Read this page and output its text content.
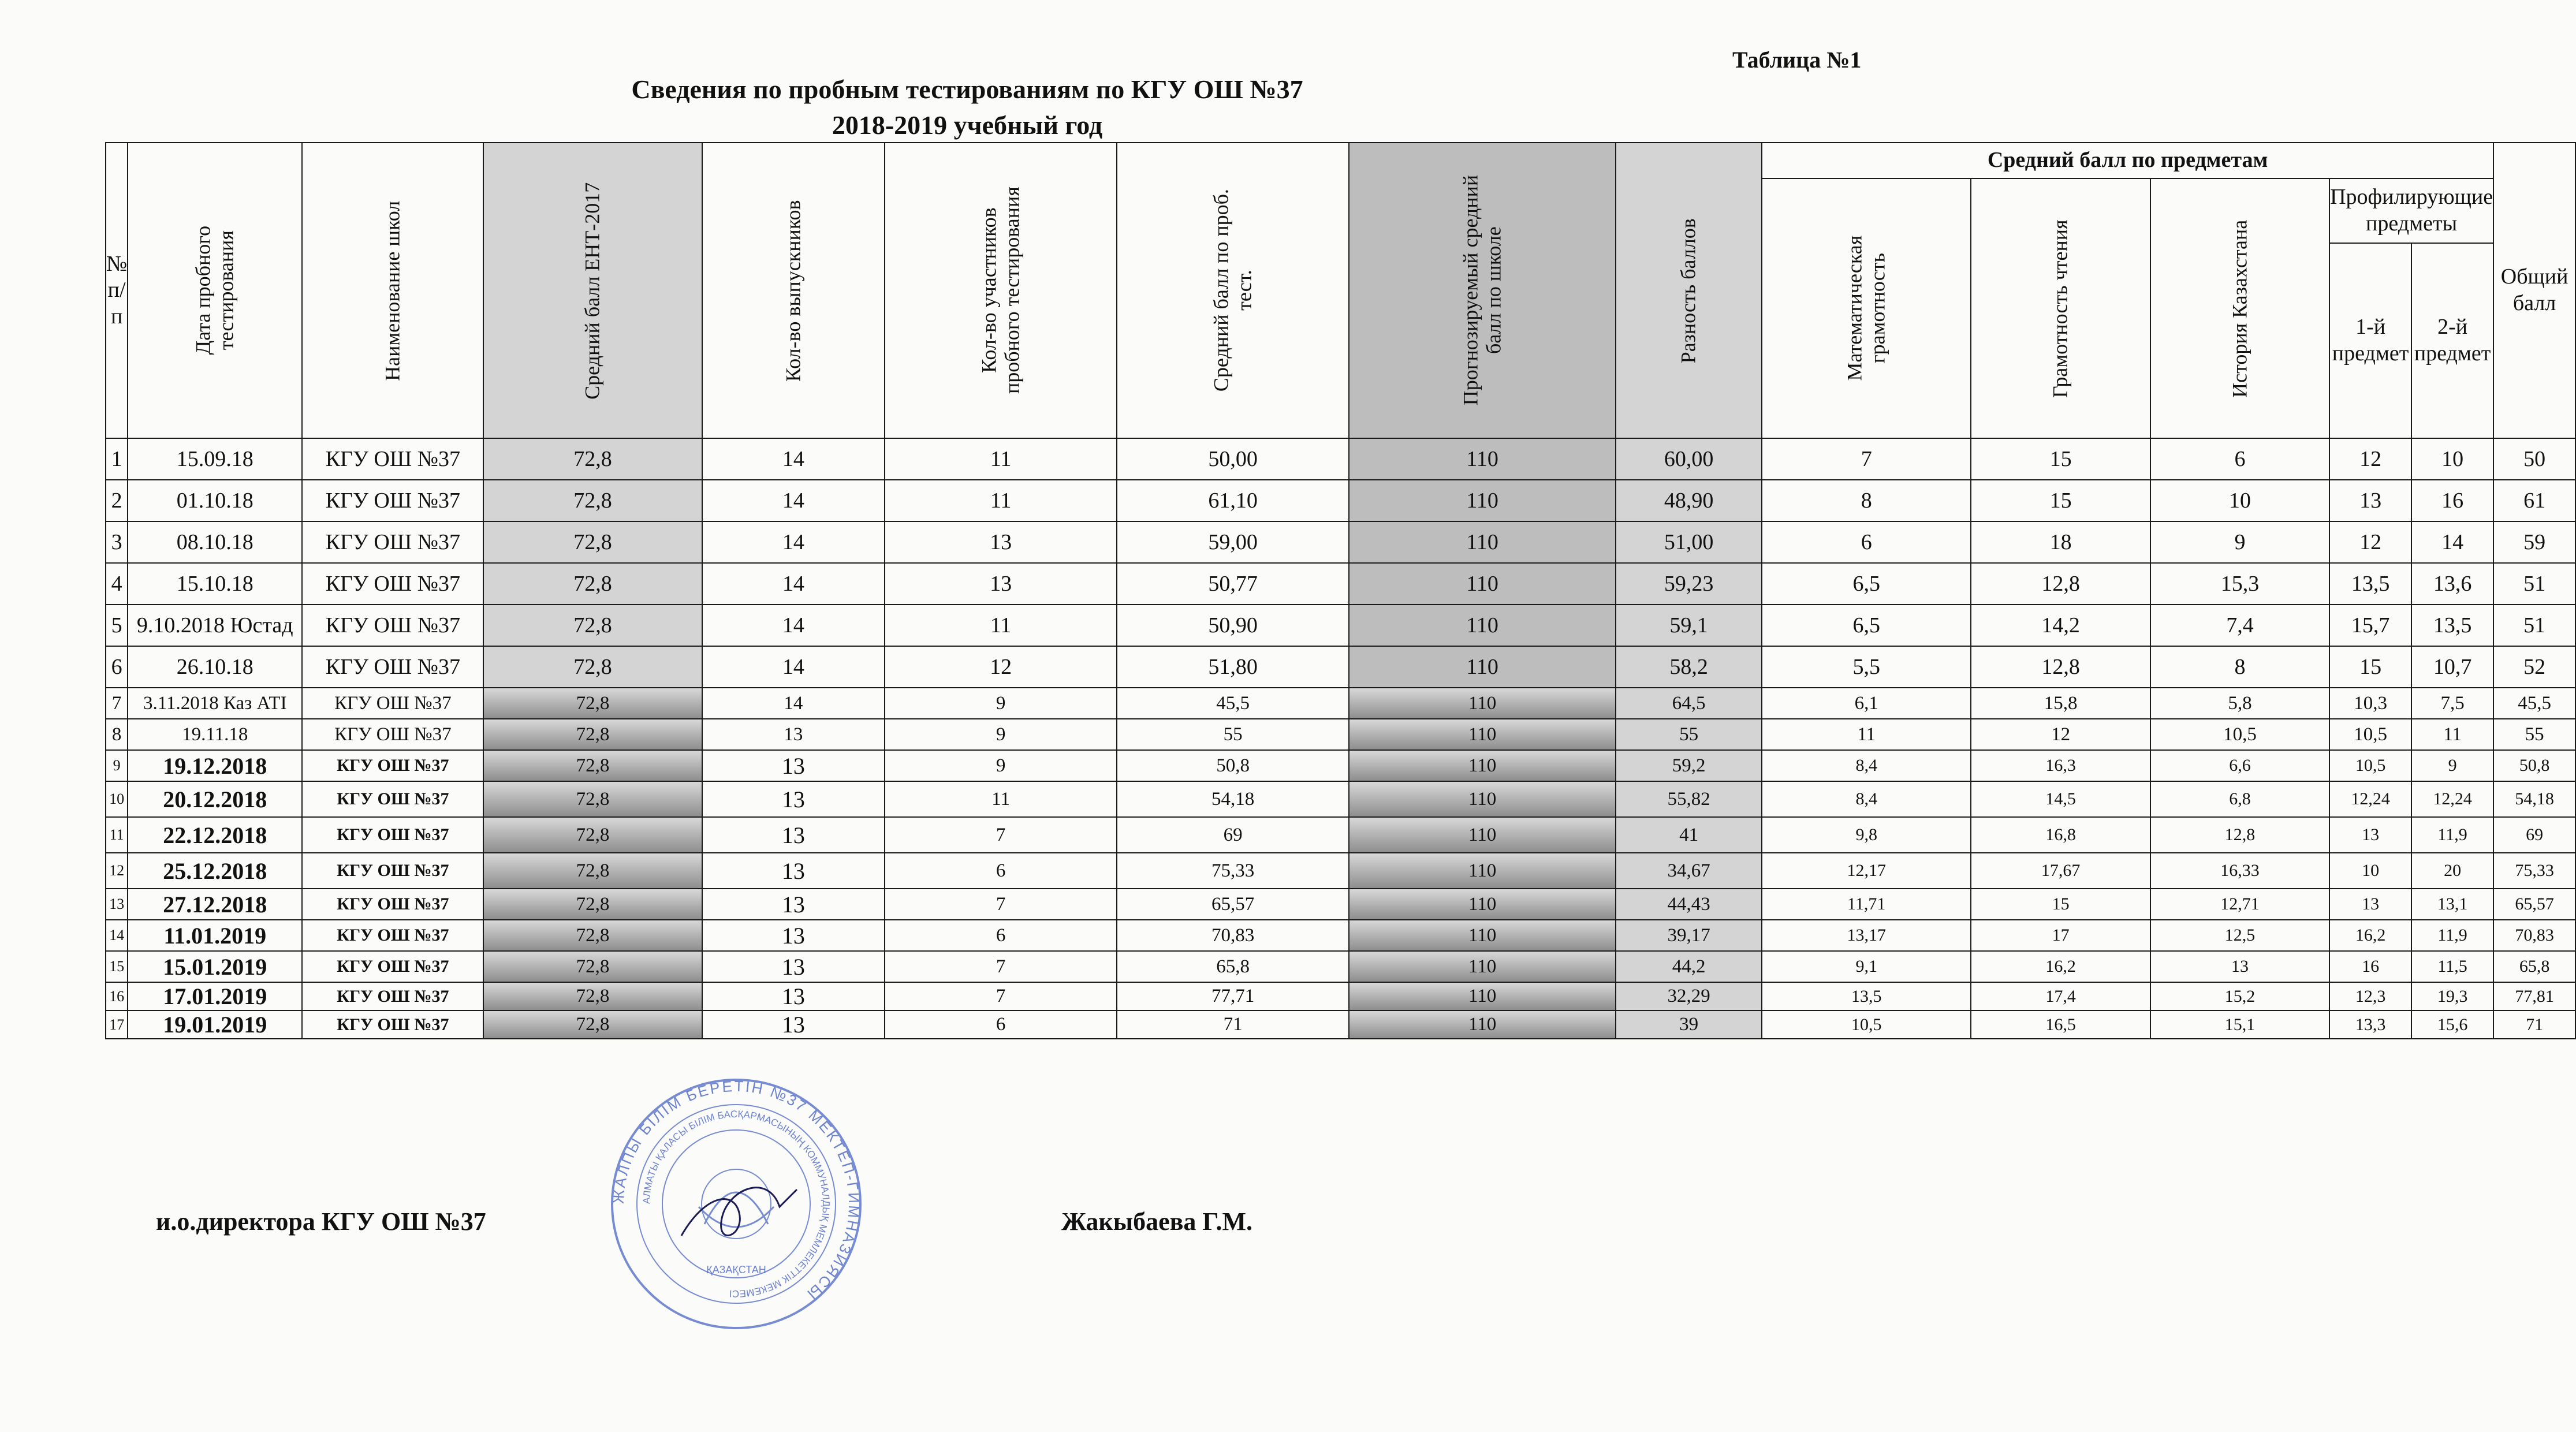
Таблица №1
Сведения по пробным тестированиям по КГУ ОШ №37
2018-2019 учебный год
№ п/п	Дата пробного тестирования	Наименование школ	Средний балл ЕНТ-2017	Кол-во выпускников	Кол-во участников пробного тестирования	Средний балл по проб. тест.	Прогнозируемый средний балл по школе	Разность баллов	Средний балл по предметам					Общий балл

									Математическая грамотность	Грамотность чтения	История Казахстана	Профилирующие предметы		

												1-й предмет	2-й предмет	

1	15.09.18	КГУ ОШ №37	72,8	14	11	50,00	110	60,00	7	15	6	12	10	50
2	01.10.18	КГУ ОШ №37	72,8	14	11	61,10	110	48,90	8	15	10	13	16	61
3	08.10.18	КГУ ОШ №37	72,8	14	13	59,00	110	51,00	6	18	9	12	14	59
4	15.10.18	КГУ ОШ №37	72,8	14	13	50,77	110	59,23	6,5	12,8	15,3	13,5	13,6	51
5	9.10.2018 Юстад	КГУ ОШ №37	72,8	14	11	50,90	110	59,1	6,5	14,2	7,4	15,7	13,5	51
6	26.10.18	КГУ ОШ №37	72,8	14	12	51,80	110	58,2	5,5	12,8	8	15	10,7	52
7	3.11.2018 Каз АТІ	КГУ ОШ №37	72,8	14	9	45,5	110	64,5	6,1	15,8	5,8	10,3	7,5	45,5
8	19.11.18	КГУ ОШ №37	72,8	13	9	55	110	55	11	12	10,5	10,5	11	55
9	19.12.2018	КГУ ОШ №37	72,8	13	9	50,8	110	59,2	8,4	16,3	6,6	10,5	9	50,8
10	20.12.2018	КГУ ОШ №37	72,8	13	11	54,18	110	55,82	8,4	14,5	6,8	12,24	12,24	54,18
11	22.12.2018	КГУ ОШ №37	72,8	13	7	69	110	41	9,8	16,8	12,8	13	11,9	69
12	25.12.2018	КГУ ОШ №37	72,8	13	6	75,33	110	34,67	12,17	17,67	16,33	10	20	75,33
13	27.12.2018	КГУ ОШ №37	72,8	13	7	65,57	110	44,43	11,71	15	12,71	13	13,1	65,57
14	11.01.2019	КГУ ОШ №37	72,8	13	6	70,83	110	39,17	13,17	17	12,5	16,2	11,9	70,83
15	15.01.2019	КГУ ОШ №37	72,8	13	7	65,8	110	44,2	9,1	16,2	13	16	11,5	65,8
16	17.01.2019	КГУ ОШ №37	72,8	13	7	77,71	110	32,29	13,5	17,4	15,2	12,3	19,3	77,81
17	19.01.2019	КГУ ОШ №37	72,8	13	6	71	110	39	10,5	16,5	15,1	13,3	15,6	71
и.о.директора КГУ ОШ №37	Жакыбаева Г.М.
ЖАЛПЫ БІЛІМ БЕРЕТІН №37 МЕКТЕП-ГИМНАЗИЯСЫ
АЛМАТЫ ҚАЛАСЫ БІЛІМ БАСҚАРМАСЫНЫҢ КОММУНАЛДЫҚ МЕМЛЕКЕТТІК МЕКЕМЕСІ
ҚАЗАҚСТАН
